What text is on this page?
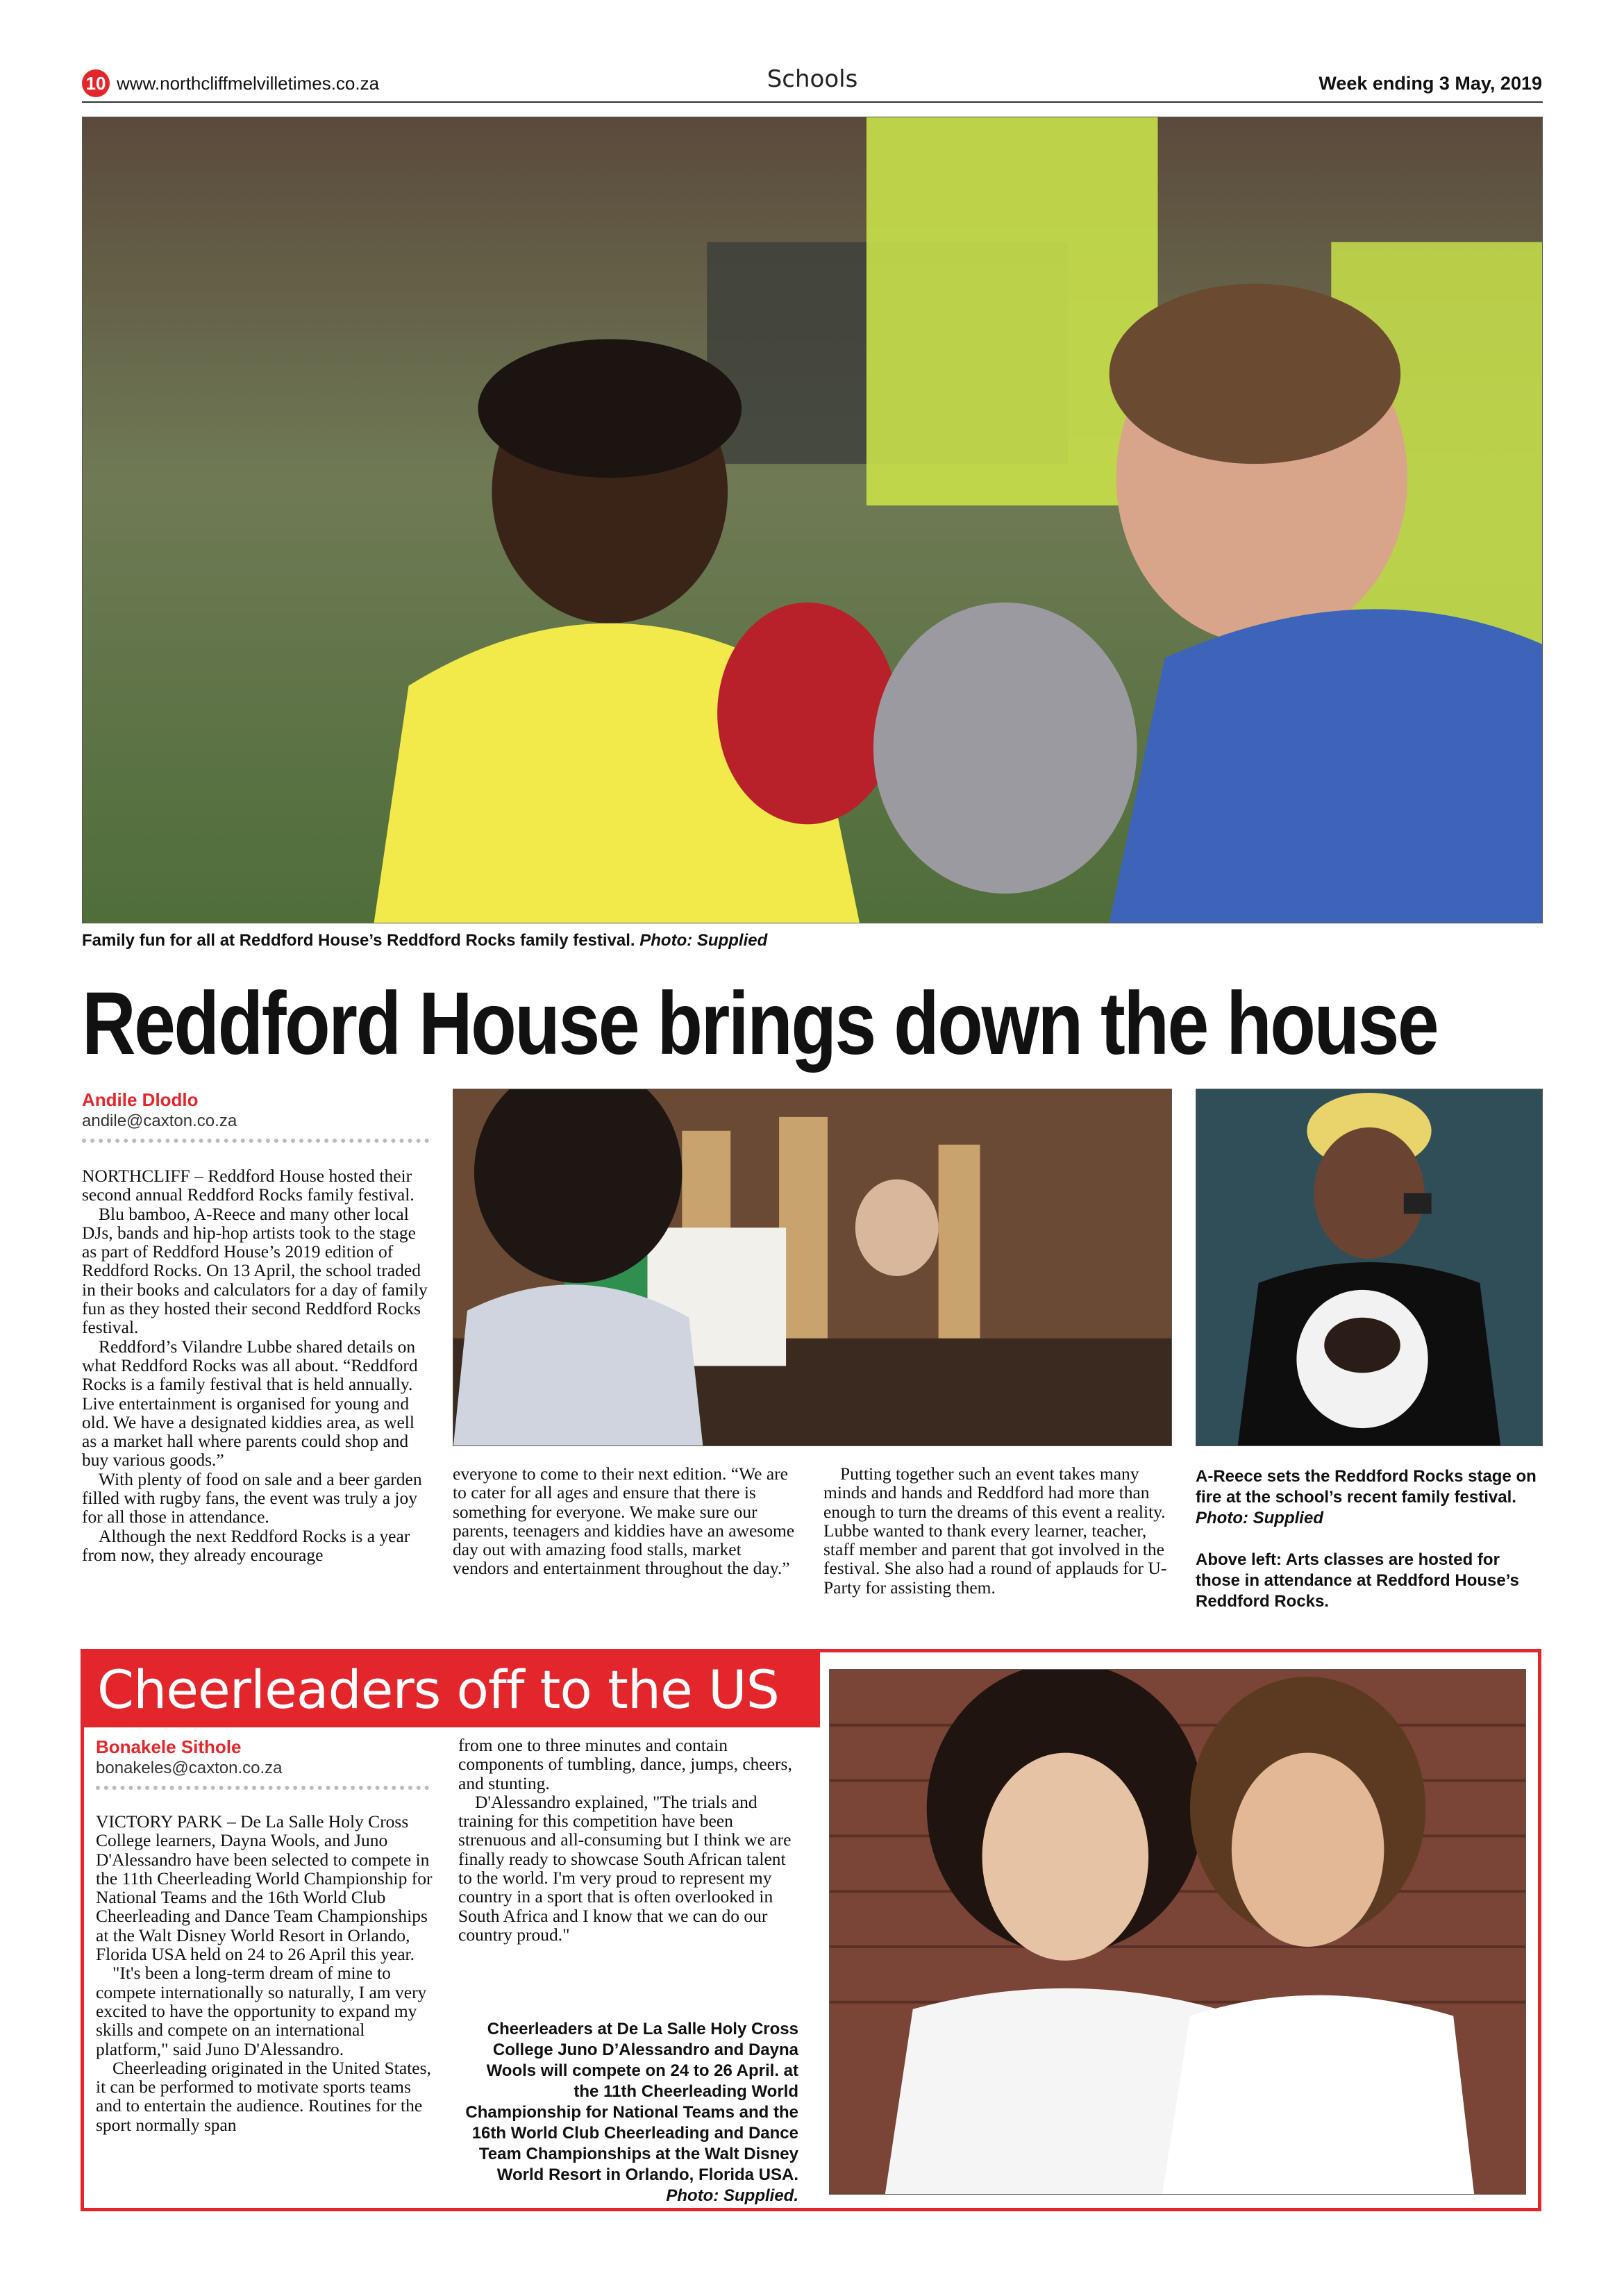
10 www.northcliffmelvilletimes.co.za	Schools	Week ending 3 May, 2019
Family fun for all at Reddford House’s Reddford Rocks family festival. Photo: Supplied
Reddford House brings down the house
Andile Dlodlo
andile@caxton.co.za

NORTHCLIFF – Reddford House hosted their second annual Reddford Rocks family festival.

Blu bamboo, A-Reece and many other local DJs, bands and hip-hop artists took to the stage as part of Reddford House’s 2019 edition of Reddford Rocks. On 13 April, the school traded in their books and calculators for a day of family fun as they hosted their second Reddford Rocks festival.

Reddford’s Vilandre Lubbe shared details on what Reddford Rocks was all about. “Reddford Rocks is a family festival that is held annually. Live entertainment is organised for young and old. We have a designated kiddies area, as well as a market hall where parents could shop and buy various goods.”

With plenty of food on sale and a beer garden filled with rugby fans, the event was truly a joy for all those in attendance.

Although the next Reddford Rocks is a year from now, they already encourage

everyone to come to their next edition. “We are to cater for all ages and ensure that there is something for everyone. We make sure our parents, teenagers and kiddies have an awesome day out with amazing food stalls, market vendors and entertainment throughout the day.”

Putting together such an event takes many minds and hands and Reddford had more than enough to turn the dreams of this event a reality. Lubbe wanted to thank every learner, teacher, staff member and parent that got involved in the festival. She also had a round of applauds for U-Party for assisting them.

A-Reece sets the Reddford Rocks stage on fire at the school’s recent family festival. Photo: Supplied
Above left: Arts classes are hosted for those in attendance at Reddford House’s Reddford Rocks.
Cheerleaders off to the US
Bonakele Sithole
bonakeles@caxton.co.za

VICTORY PARK – De La Salle Holy Cross College learners, Dayna Wools, and Juno D'Alessandro have been selected to compete in the 11th Cheerleading World Championship for National Teams and the 16th World Club Cheerleading and Dance Team Championships at the Walt Disney World Resort in Orlando, Florida USA held on 24 to 26 April this year.

"It's been a long-term dream of mine to compete internationally so naturally, I am very excited to have the opportunity to expand my skills and compete on an international platform," said Juno D'Alessandro.

Cheerleading originated in the United States, it can be performed to motivate sports teams and to entertain the audience. Routines for the sport normally span

from one to three minutes and contain components of tumbling, dance, jumps, cheers, and stunting.

D'Alessandro explained, "The trials and training for this competition have been strenuous and all-consuming but I think we are finally ready to showcase South African talent to the world. I'm very proud to represent my country in a sport that is often overlooked in South Africa and I know that we can do our country proud."

Cheerleaders at De La Salle Holy Cross College Juno D’Alessandro and Dayna Wools will compete on 24 to 26 April. at the 11th Cheerleading World Championship for National Teams and the 16th World Club Cheerleading and Dance Team Championships at the Walt Disney World Resort in Orlando, Florida USA. Photo: Supplied.
